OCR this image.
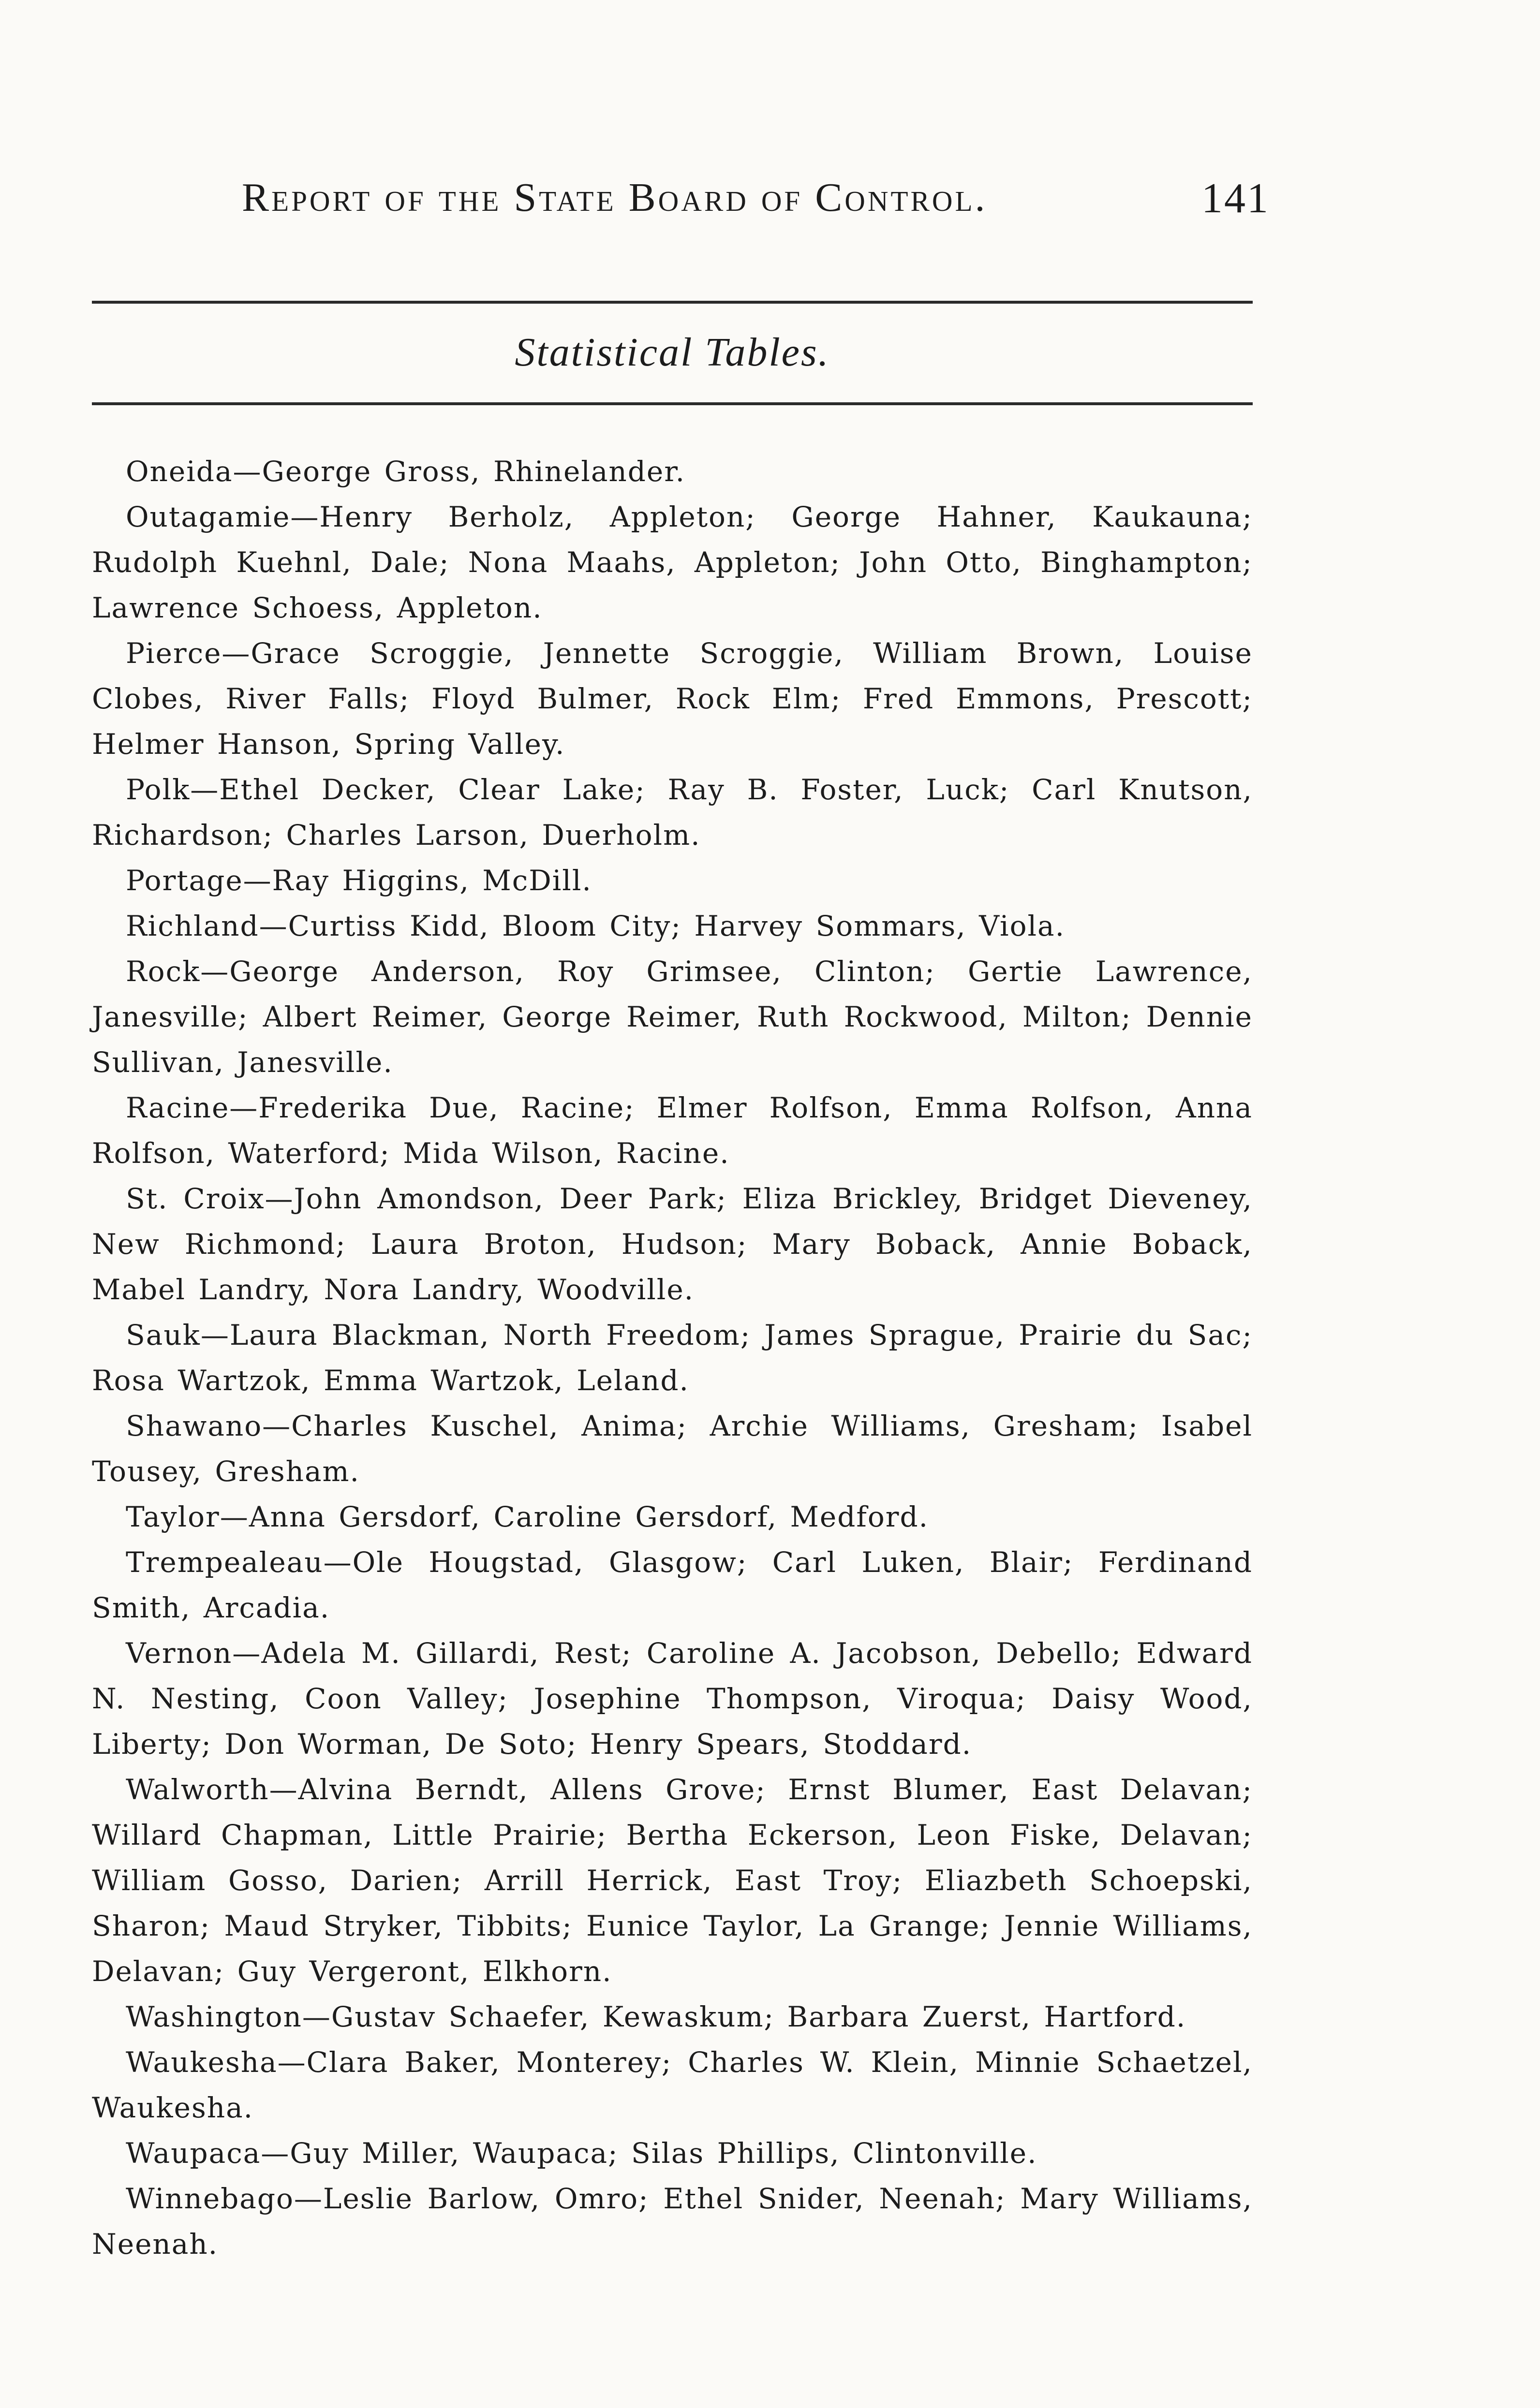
Report of the State Board of Control.	141
Statistical Tables.

Oneida—George Gross, Rhinelander.

Outagamie—Henry Berholz, Appleton; George Hahner, Kaukauna; Rudolph Kuehnl, Dale; Nona Maahs, Appleton; John Otto, Binghampton; Lawrence Schoess, Appleton.

Pierce—Grace Scroggie, Jennette Scroggie, William Brown, Louise Clobes, River Falls; Floyd Bulmer, Rock Elm; Fred Emmons, Prescott; Helmer Hanson, Spring Valley.

Polk—Ethel Decker, Clear Lake; Ray B. Foster, Luck; Carl Knutson, Richardson; Charles Larson, Duerholm.

Portage—Ray Higgins, McDill.

Richland—Curtiss Kidd, Bloom City; Harvey Sommars, Viola.

Rock—George Anderson, Roy Grimsee, Clinton; Gertie Lawrence, Janesville; Albert Reimer, George Reimer, Ruth Rockwood, Milton; Dennie Sullivan, Janesville.

Racine—Frederika Due, Racine; Elmer Rolfson, Emma Rolfson, Anna Rolfson, Waterford; Mida Wilson, Racine.

St. Croix—John Amondson, Deer Park; Eliza Brickley, Bridget Dieveney, New Richmond; Laura Broton, Hudson; Mary Boback, Annie Boback, Mabel Landry, Nora Landry, Woodville.

Sauk—Laura Blackman, North Freedom; James Sprague, Prairie du Sac; Rosa Wartzok, Emma Wartzok, Leland.

Shawano—Charles Kuschel, Anima; Archie Williams, Gresham; Isabel Tousey, Gresham.

Taylor—Anna Gersdorf, Caroline Gersdorf, Medford.

Trempealeau—Ole Hougstad, Glasgow; Carl Luken, Blair; Ferdinand Smith, Arcadia.

Vernon—Adela M. Gillardi, Rest; Caroline A. Jacobson, Debello; Edward N. Nesting, Coon Valley; Josephine Thompson, Viroqua; Daisy Wood, Liberty; Don Worman, De Soto; Henry Spears, Stoddard.

Walworth—Alvina Berndt, Allens Grove; Ernst Blumer, East Delavan; Willard Chapman, Little Prairie; Bertha Eckerson, Leon Fiske, Delavan; William Gosso, Darien; Arrill Herrick, East Troy; Eliazbeth Schoepski, Sharon; Maud Stryker, Tibbits; Eunice Taylor, La Grange; Jennie Williams, Delavan; Guy Vergeront, Elkhorn.

Washington—Gustav Schaefer, Kewaskum; Barbara Zuerst, Hartford.

Waukesha—Clara Baker, Monterey; Charles W. Klein, Minnie Schaetzel, Waukesha.

Waupaca—Guy Miller, Waupaca; Silas Phillips, Clintonville.

Winnebago—Leslie Barlow, Omro; Ethel Snider, Neenah; Mary Williams, Neenah.
